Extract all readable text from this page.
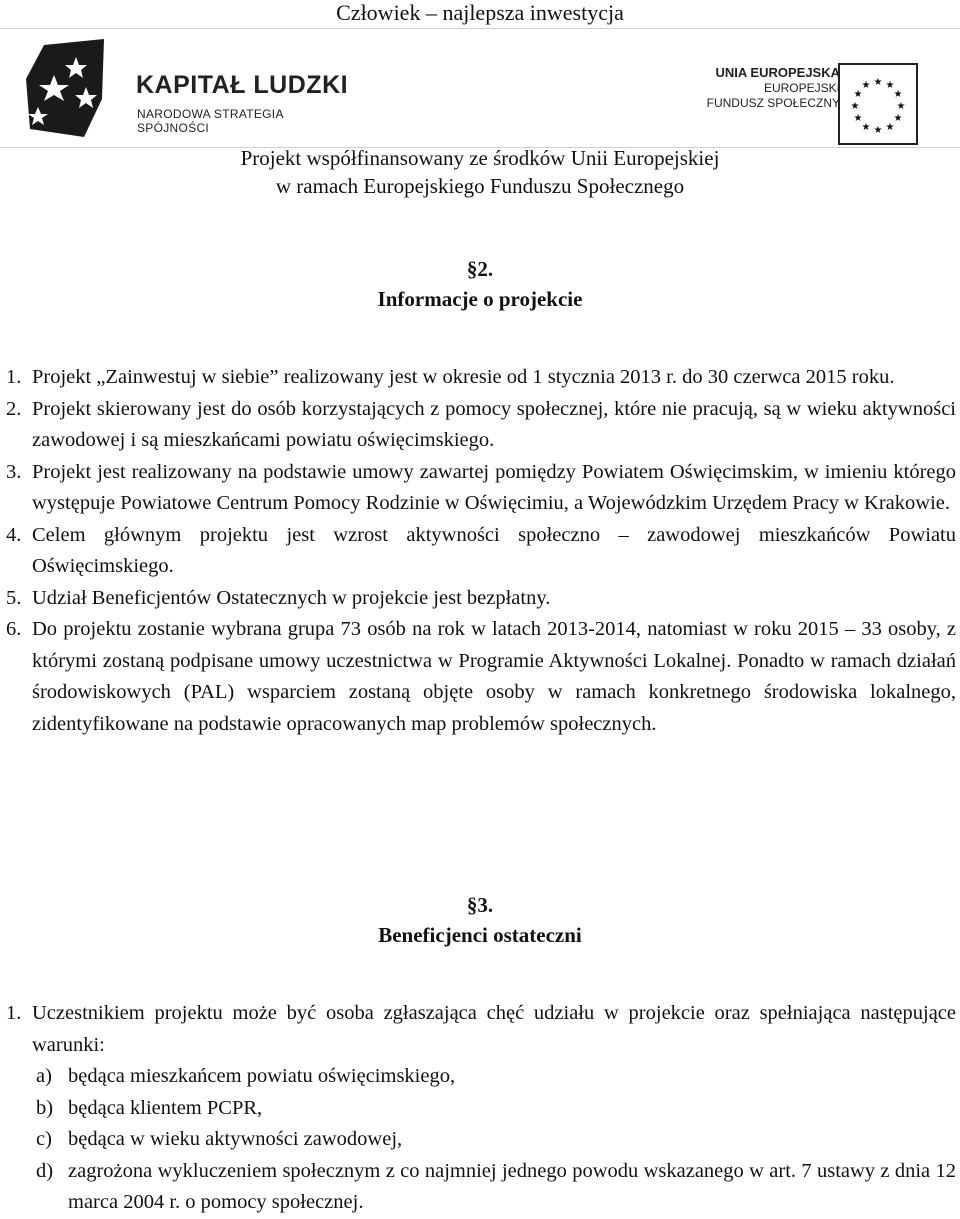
Człowiek – najlepsza inwestycja
KAPITAŁ LUDZKI
NARODOWA STRATEGIA SPÓJNOŚCI
UNIA EUROPEJSKA
EUROPEJSKI
FUNDUSZ SPOŁECZNY
★ ★
★
★
★
★
★
★
★
★
★
★
Projekt współfinansowany ze środków Unii Europejskiej
w ramach Europejskiego Funduszu Społecznego
§2.
Informacje o projekcie
1. Projekt „Zainwestuj w siebie” realizowany jest w okresie od 1 stycznia 2013 r. do 30 czerwca 2015 roku.
2. Projekt skierowany jest do osób korzystających z pomocy społecznej, które nie pracują, są w wieku aktywności zawodowej i są mieszkańcami powiatu oświęcimskiego.
3. Projekt jest realizowany na podstawie umowy zawartej pomiędzy Powiatem Oświęcimskim, w imieniu którego występuje Powiatowe Centrum Pomocy Rodzinie w Oświęcimiu, a Wojewódzkim Urzędem Pracy w Krakowie.
4. Celem głównym projektu jest wzrost aktywności społeczno – zawodowej mieszkańców Powiatu Oświęcimskiego.
5. Udział Beneficjentów Ostatecznych w projekcie jest bezpłatny.
6. Do projektu zostanie wybrana grupa 73 osób na rok w latach 2013-2014, natomiast w roku 2015 – 33 osoby, z którymi zostaną podpisane umowy uczestnictwa w Programie Aktywności Lokalnej. Ponadto w ramach działań środowiskowych (PAL) wsparciem zostaną objęte osoby w ramach konkretnego środowiska lokalnego, zidentyfikowane na podstawie opracowanych map problemów społecznych.
§3.
Beneficjenci ostateczni
1. Uczestnikiem projektu może być osoba zgłaszająca chęć udziału w projekcie oraz spełniająca następujące warunki:
a) będąca mieszkańcem powiatu oświęcimskiego,
b) będąca klientem PCPR,
c) będąca w wieku aktywności zawodowej,
d) zagrożona wykluczeniem społecznym z co najmniej jednego powodu wskazanego w art. 7 ustawy z dnia 12 marca 2004 r. o pomocy społecznej.
